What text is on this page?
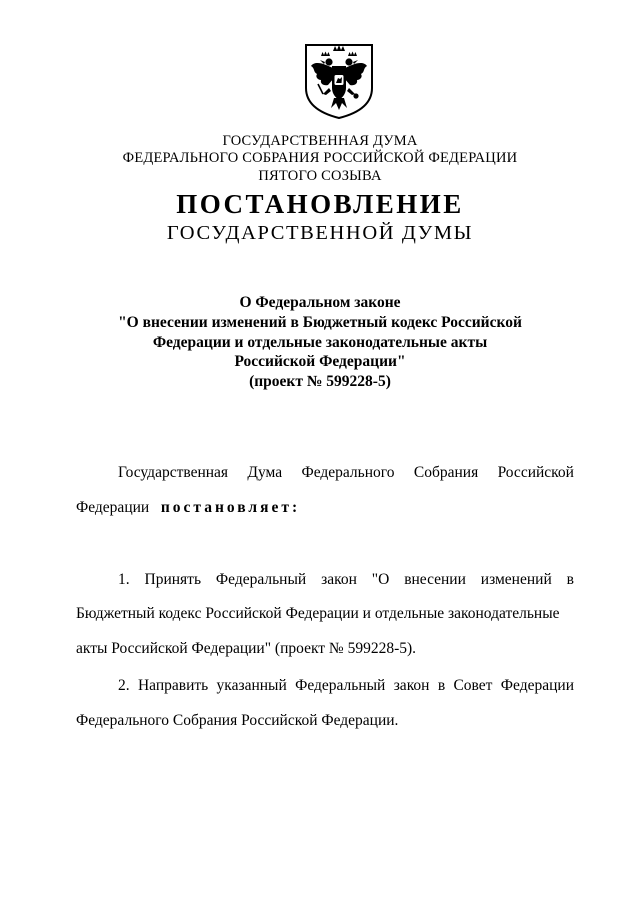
ГОСУДАРСТВЕННАЯ ДУМА
ФЕДЕРАЛЬНОГО СОБРАНИЯ РОССИЙСКОЙ ФЕДЕРАЦИИ
ПЯТОГО СОЗЫВА
ПОСТАНОВЛЕНИЕ
ГОСУДАРСТВЕННОЙ ДУМЫ
О Федеральном законе
"О внесении изменений в Бюджетный кодекс Российской
Федерации и отдельные законодательные акты
Российской Федерации"
(проект № 599228-5)
Государственная Дума Федерального Собрания Российской
Федерации постановляет:
1. Принять Федеральный закон "О внесении изменений в
Бюджетный кодекс Российской Федерации и отдельные законодательные
акты Российской Федерации" (проект № 599228-5).
2. Направить указанный Федеральный закон в Совет Федерации
Федерального Собрания Российской Федерации.
